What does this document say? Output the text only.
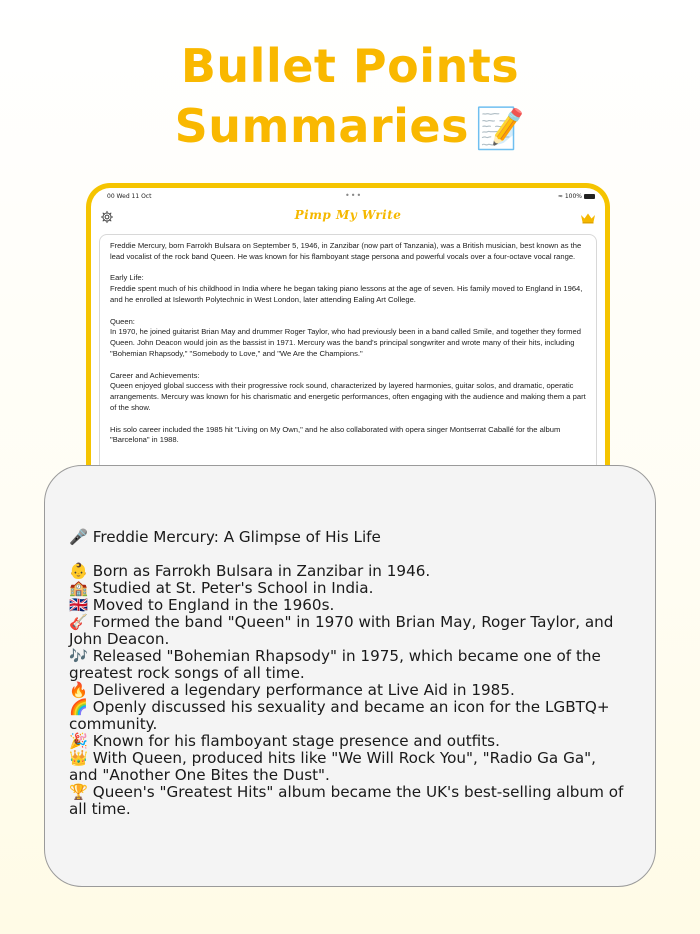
Bullet Points
Summaries 📝
00 Wed 11 Oct	•••	≈ 100%
Pimp My Write

Freddie Mercury, born Farrokh Bulsara on September 5, 1946, in Zanzibar (now part of Tanzania), was a British musician, best known as the lead vocalist of the rock band Queen. He was known for his flamboyant stage persona and powerful vocals over a four-octave vocal range.

Early Life:
Freddie spent much of his childhood in India where he began taking piano lessons at the age of seven. His family moved to England in 1964, and he enrolled at Isleworth Polytechnic in West London, later attending Ealing Art College.

Queen:
In 1970, he joined guitarist Brian May and drummer Roger Taylor, who had previously been in a band called Smile, and together they formed Queen. John Deacon would join as the bassist in 1971. Mercury was the band's principal songwriter and wrote many of their hits, including "Bohemian Rhapsody," "Somebody to Love," and "We Are the Champions."

Career and Achievements:
Queen enjoyed global success with their progressive rock sound, characterized by layered harmonies, guitar solos, and dramatic, operatic arrangements. Mercury was known for his charismatic and energetic performances, often engaging with the audience and making them a part of the show.

His solo career included the 1985 hit "Living on My Own," and he also collaborated with opera singer Montserrat Caballé for the album "Barcelona" in 1988.

🎤 Freddie Mercury: A Glimpse of His Life
👶 Born as Farrokh Bulsara in Zanzibar in 1946.
🏫 Studied at St. Peter's School in India.
🇬🇧 Moved to England in the 1960s.
🎸 Formed the band "Queen" in 1970 with Brian May, Roger Taylor, and John Deacon.
🎶 Released "Bohemian Rhapsody" in 1975, which became one of the greatest rock songs of all time.
🔥 Delivered a legendary performance at Live Aid in 1985.
🌈 Openly discussed his sexuality and became an icon for the LGBTQ+ community.
🎉 Known for his flamboyant stage presence and outfits.
👑 With Queen, produced hits like "We Will Rock You", "Radio Ga Ga", and "Another One Bites the Dust".
🏆 Queen's "Greatest Hits" album became the UK's best-selling album of all time.
